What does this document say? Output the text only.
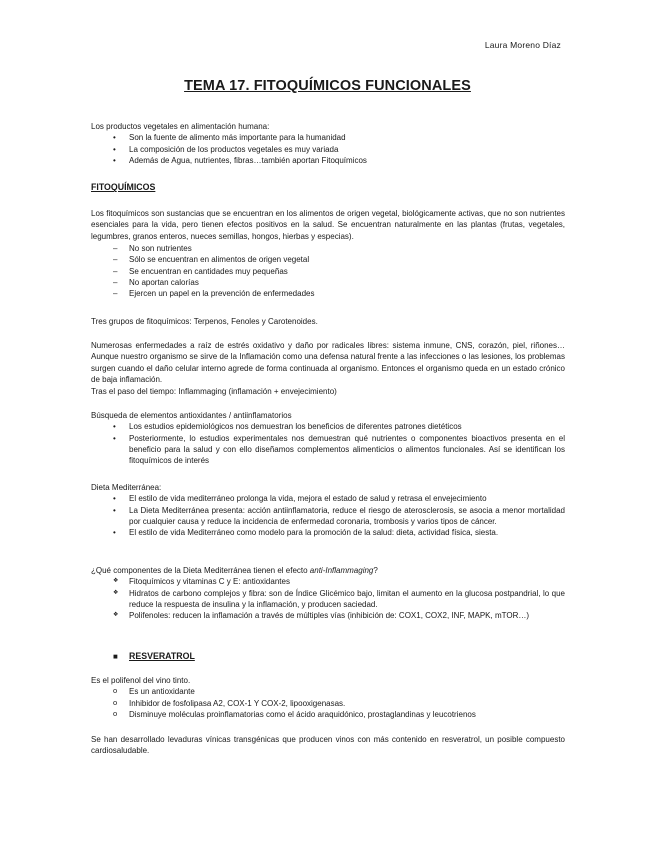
Laura Moreno Díaz
TEMA 17. FITOQUÍMICOS FUNCIONALES
Los productos vegetales en alimentación humana:
• Son la fuente de alimento más importante para la humanidad
• La composición de los productos vegetales es muy variada
• Además de Agua, nutrientes, fibras…también aportan Fitoquímicos
FITOQUÍMICOS
Los fitoquímicos son sustancias que se encuentran en los alimentos de origen vegetal, biológicamente activas, que no son nutrientes esenciales para la vida, pero tienen efectos positivos en la salud. Se encuentran naturalmente en las plantas (frutas, vegetales, legumbres, granos enteros, nueces semillas, hongos, hierbas y especias).
– No son nutrientes
– Sólo se encuentran en alimentos de origen vegetal
– Se encuentran en cantidades muy pequeñas
– No aportan calorías
– Ejercen un papel en la prevención de enfermedades
Tres grupos de fitoquímicos: Terpenos, Fenoles y Carotenoides.
Numerosas enfermedades a raíz de estrés oxidativo y daño por radicales libres: sistema inmune, CNS, corazón, piel, riñones… Aunque nuestro organismo se sirve de la Inflamación como una defensa natural frente a las infecciones o las lesiones, los problemas surgen cuando el daño celular interno agrede de forma continuada al organismo. Entonces el organismo queda en un estado crónico de baja inflamación.
Tras el paso del tiempo: Inflammaging (inflamación + envejecimiento)
Búsqueda de elementos antioxidantes / antiinflamatorios
• Los estudios epidemiológicos nos demuestran los beneficios de diferentes patrones dietéticos
• Posteriormente, lo estudios experimentales nos demuestran qué nutrientes o componentes bioactivos presenta en el beneficio para la salud y con ello diseñamos complementos alimenticios o alimentos funcionales. Así se identifican los fitoquímicos de interés
Dieta Mediterránea:
• El estilo de vida mediterráneo prolonga la vida, mejora el estado de salud y retrasa el envejecimiento
• La Dieta Mediterránea presenta: acción antiinflamatoria, reduce el riesgo de aterosclerosis, se asocia a menor mortalidad por cualquier causa y reduce la incidencia de enfermedad coronaria, trombosis y varios tipos de cáncer.
• El estilo de vida Mediterráneo como modelo para la promoción de la salud: dieta, actividad física, siesta.
¿Qué componentes de la Dieta Mediterránea tienen el efecto anti-Inflammaging?
❖ Fitoquímicos y vitaminas C y E: antioxidantes
❖ Hidratos de carbono complejos y fibra: son de Índice Glicémico bajo, limitan el aumento en la glucosa postpandrial, lo que reduce la respuesta de insulina y la inflamación, y producen saciedad.
❖ Polifenoles: reducen la inflamación a través de múltiples vías (inhibición de: COX1, COX2, INF, MAPK, mTOR…)
■ RESVERATROL
Es el polifenol del vino tinto.
o Es un antioxidante
o Inhibidor de fosfolipasa A2, COX-1 Y COX-2, lipooxigenasas.
o Disminuye moléculas proinflamatorias como el ácido araquidónico, prostaglandinas y leucotrienos
Se han desarrollado levaduras vínicas transgénicas que producen vinos con más contenido en resveratrol, un posible compuesto cardiosaludable.
